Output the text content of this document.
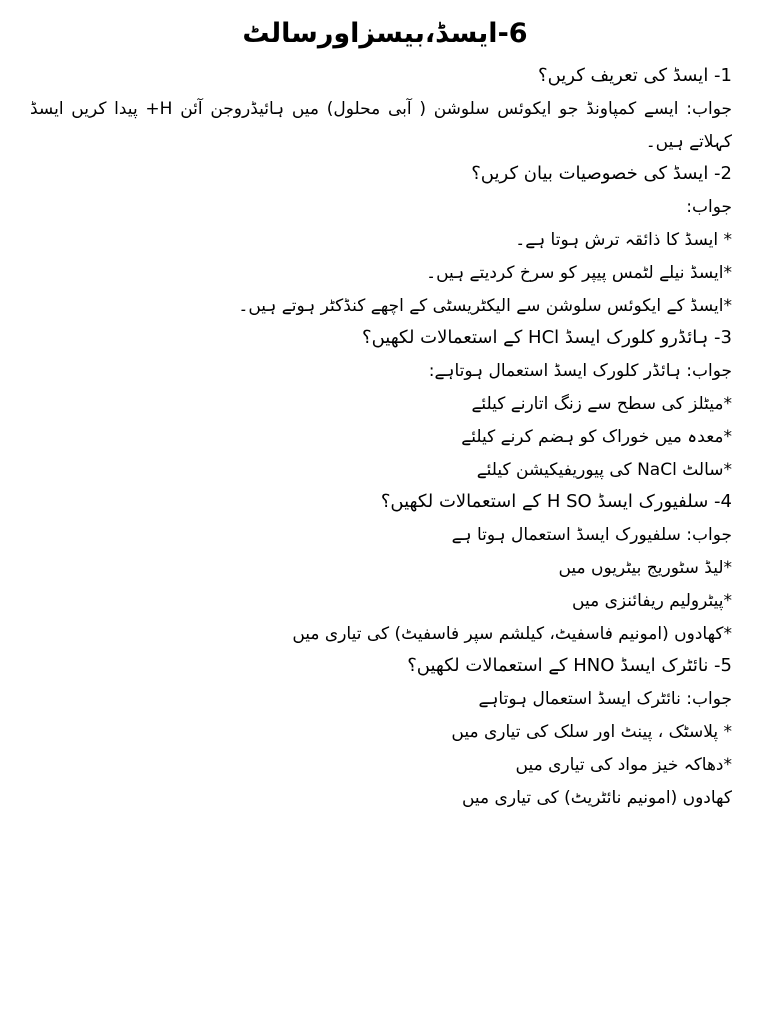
6-ایسڈ،بیسزاورسالٹ
1- ایسڈ کی تعریف کریں؟
جواب: ایسے کمپاونڈ جو ایکوئس سلوشن ( آبی محلول) میں ہائیڈروجن آئن H+ پیدا کریں ایسڈ کہلاتے ہیں۔
2- ایسڈ کی خصوصیات بیان کریں؟
جواب:
* ایسڈ کا ذائقہ ترش ہوتا ہے۔
*ایسڈ نیلے لٹمس پیپر کو سرخ کردیتے ہیں۔
*ایسڈ کے ایکوئس سلوشن سے الیکٹریسٹی کے اچھے کنڈکٹر ہوتے ہیں۔
3- ہائڈرو کلورک ایسڈ HCl کے استعمالات لکھیں؟
جواب: ہائڈر کلورک ایسڈ استعمال ہوتاہے:
*میٹلز کی سطح سے زنگ اتارنے کیلئے
*معدہ میں خوراک کو ہضم کرنے کیلئے
*سالٹ NaCl کی پیوریفیکیشن کیلئے
4- سلفیورک ایسڈ H SO کے استعمالات لکھیں؟
جواب: سلفیورک ایسڈ استعمال ہوتا ہے
*لیڈ سٹوریج بیٹریوں میں
*پیٹرولیم ریفائنزی میں
*کھادوں (امونیم فاسفیٹ، کیلشم سپر فاسفیٹ) کی تیاری میں
5- نائٹرک ایسڈ HNO کے استعمالات لکھیں؟
جواب: نائٹرک ایسڈ استعمال ہوتاہے
* پلاسٹک ، پینٹ اور سلک کی تیاری میں
*دھاکہ خیز مواد کی تیاری میں
کھادوں (امونیم نائٹریٹ) کی تیاری میں
